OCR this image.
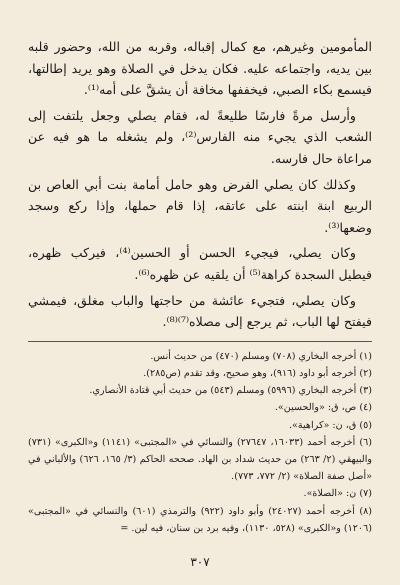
المأمومين وغيرهم، مع كمال إقباله، وقربه من الله، وحضور قلبه بين يديه، واجتماعه عليه. فكان يدخل في الصلاة وهو يريد إطالتها، فيسمع بكاء الصبي، فيخففها مخافة أن يشقَّ على أمه⁽¹⁾.

وأرسل مرةً فارسًا طليعةً له، فقام يصلي وجعل يلتفت إلى الشعب الذي يجيء منه الفارس⁽²⁾، ولم يشغله ما هو فيه عن مراعاة حال فارسه.

وكذلك كان يصلي الفرض وهو حامل أمامة بنت أبي العاص بن الربيع ابنة ابنته على عاتقه، إذا قام حملها، وإذا ركع وسجد وضعها⁽³⁾.

وكان يصلي، فيجيء الحسن أو الحسين⁽⁴⁾، فيركب ظهره، فيطيل السجدة كراهة⁽⁵⁾ أن يلقيه عن ظهره⁽⁶⁾.

وكان يصلي، فتجيء عائشة من حاجتها والباب مغلق، فيمشي فيفتح لها الباب، ثم يرجع إلى مصلاه⁽⁷⁾⁽⁸⁾.

(١) أخرجه البخاري (٧٠٨) ومسلم (٤٧٠) من حديث أنس.

(٢) أخرجه أبو داود (٩١٦)، وهو صحيح، وقد تقدم (ص٢٨٥).

(٣) أخرجه البخاري (٥٩٩٦) ومسلم (٥٤٣) من حديث أبي قتادة الأنصاري.

(٤) ص، ق: «والحسين».

(٥) ق، ن: «كراهية».

(٦) أخرجه أحمد (١٦٠٣٣، ٢٧٦٤٧) والنسائي في «المجتبى» (١١٤١) و«الكبرى» (٧٣١) والبيهقي (٢/ ٢٦٣) من حديث شداد بن الهاد. صححه الحاكم (٣/ ١٦٥، ٦٢٦) والألباني في «أصل صفة الصلاة» (٢/ ٧٧٢، ٧٧٣).

(٧) ن: «الصلاة».

(٨) أخرجه أحمد (٢٤٠٢٧) وأبو داود (٩٢٢) والترمذي (٦٠١) والنسائي في «المجتبى» (١٢٠٦) و«الكبرى» (٥٢٨، ١١٣٠)، وفيه برد بن سنان، فيه لين. =

٣٠٧
